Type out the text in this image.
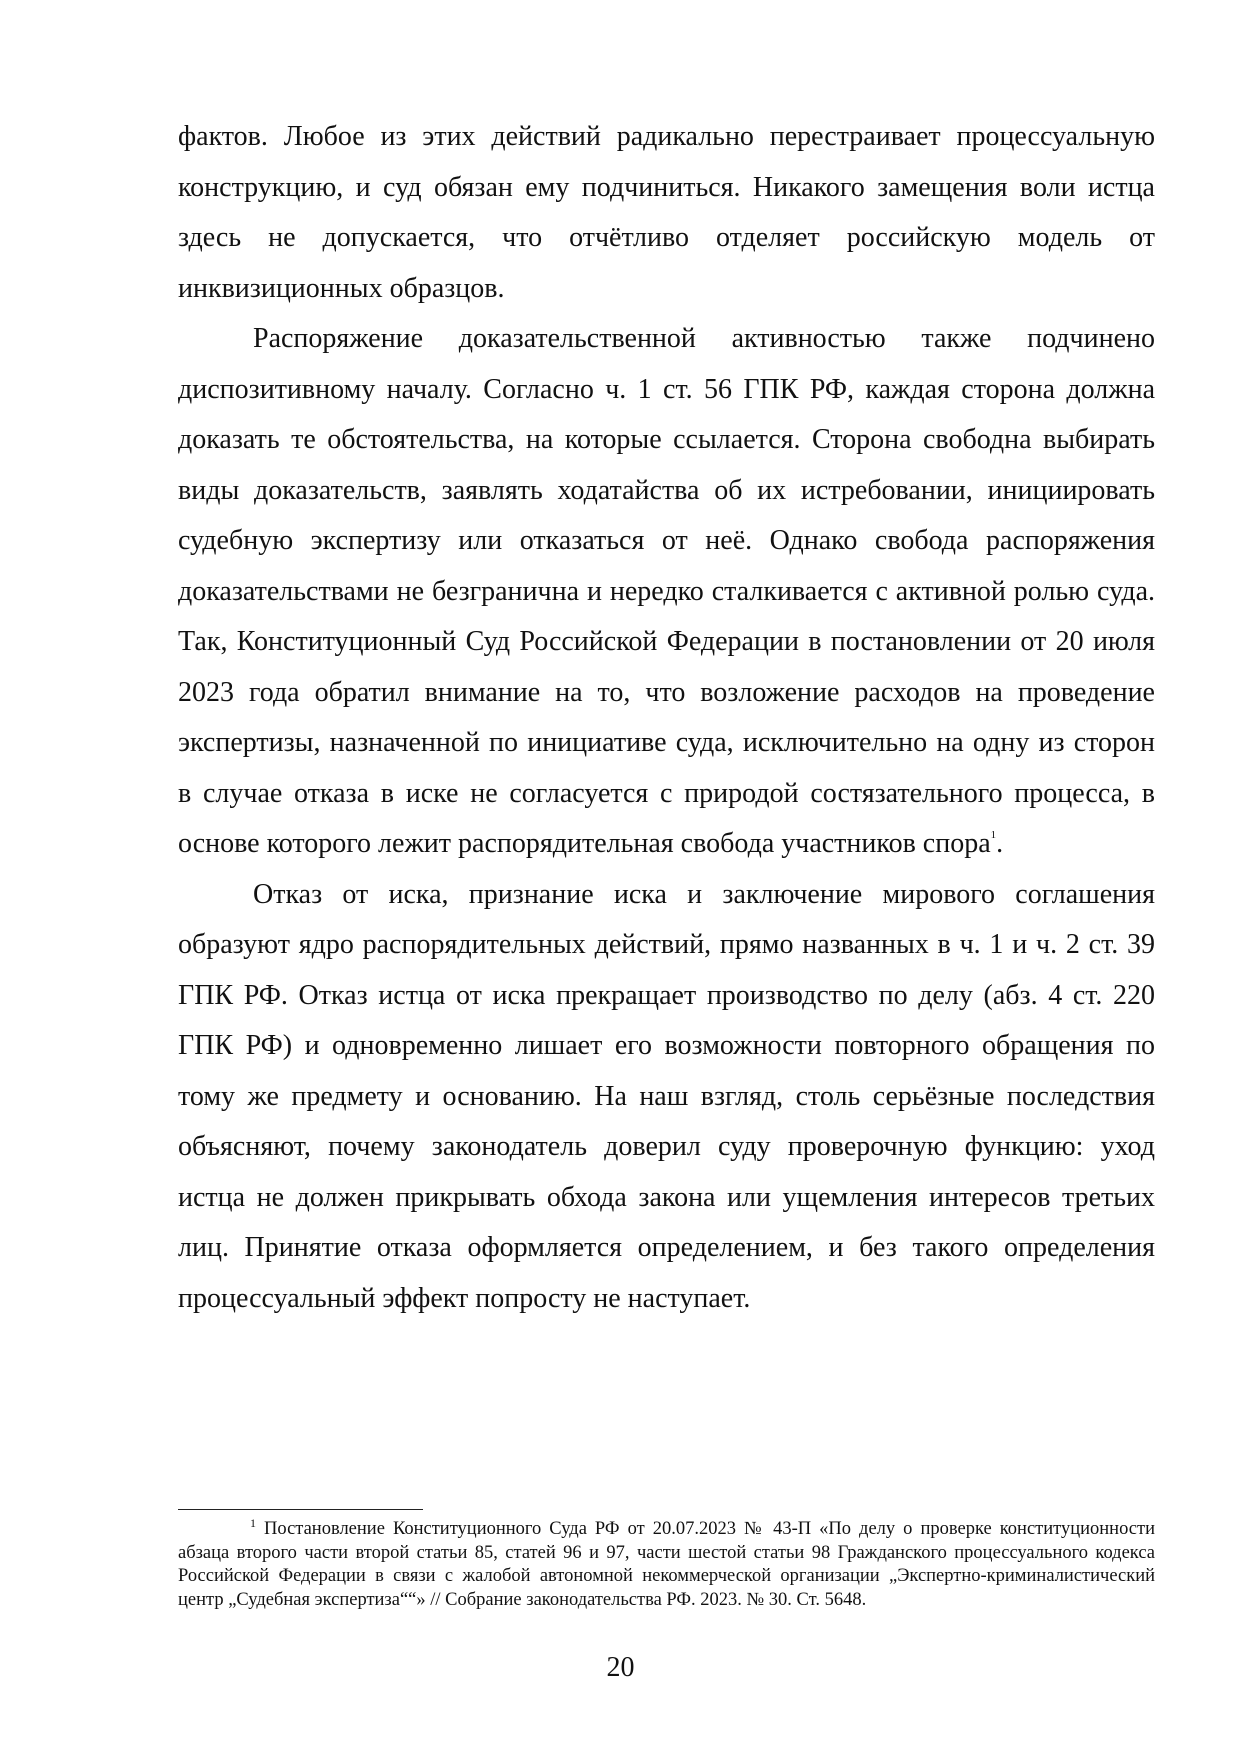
фактов. Любое из этих действий радикально перестраивает процессуальную конструкцию, и суд обязан ему подчиниться. Никакого замещения воли истца здесь не допускается, что отчётливо отделяет российскую модель от инквизиционных образцов.

Распоряжение доказательственной активностью также подчинено диспозитивному началу. Согласно ч. 1 ст. 56 ГПК РФ, каждая сторона должна доказать те обстоятельства, на которые ссылается. Сторона свободна выбирать виды доказательств, заявлять ходатайства об их истребовании, инициировать судебную экспертизу или отказаться от неё. Однако свобода распоряжения доказательствами не безгранична и нередко сталкивается с активной ролью суда. Так, Конституционный Суд Российской Федерации в постановлении от 20 июля 2023 года обратил внимание на то, что возложение расходов на проведение экспертизы, назначенной по инициативе суда, исключительно на одну из сторон в случае отказа в иске не согласуется с природой состязательного процесса, в основе которого лежит распорядительная свобода участников спора$^1$.

Отказ от иска, признание иска и заключение мирового соглашения образуют ядро распорядительных действий, прямо названных в ч. 1 и ч. 2 ст. 39 ГПК РФ. Отказ истца от иска прекращает производство по делу (абз. 4 ст. 220 ГПК РФ) и одновременно лишает его возможности повторного обращения по тому же предмету и основанию. На наш взгляд, столь серьёзные последствия объясняют, почему законодатель доверил суду проверочную функцию: уход истца не должен прикрывать обхода закона или ущемления интересов третьих лиц. Принятие отказа оформляется определением, и без такого определения процессуальный эффект попросту не наступает.

$^1$ Постановление Конституционного Суда РФ от 20.07.2023 № 43-П «По делу о проверке конституционности абзаца второго части второй статьи 85, статей 96 и 97, части шестой статьи 98 Гражданского процессуального кодекса Российской Федерации в связи с жалобой автономной некоммерческой организации „Экспертно-криминалистический центр „Судебная экспертиза““» // Собрание законодательства РФ. 2023. № 30. Ст. 5648.

20
